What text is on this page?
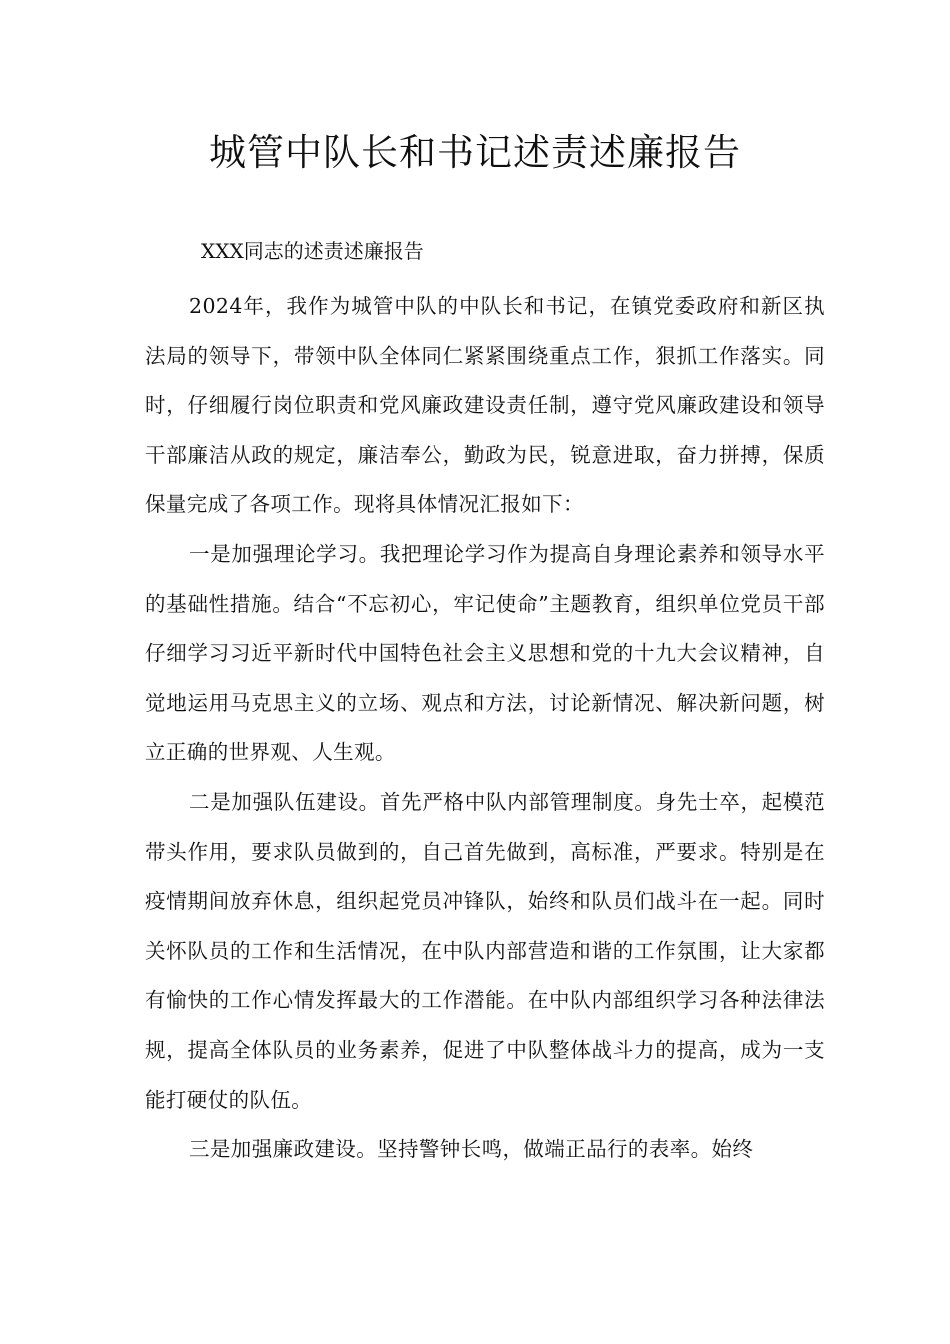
城管中队长和书记述责述廉报告

XXX同志的述责述廉报告

2024年，我作为城管中队的中队长和书记，在镇党委政府和新区执法局的领导下，带领中队全体同仁紧紧围绕重点工作，狠抓工作落实。同时，仔细履行岗位职责和党风廉政建设责任制，遵守党风廉政建设和领导干部廉洁从政的规定，廉洁奉公，勤政为民，锐意进取，奋力拼搏，保质保量完成了各项工作。现将具体情况汇报如下：

一是加强理论学习。我把理论学习作为提高自身理论素养和领导水平的基础性措施。结合“不忘初心，牢记使命”主题教育，组织单位党员干部仔细学习习近平新时代中国特色社会主义思想和党的十九大会议精神，自觉地运用马克思主义的立场、观点和方法，讨论新情况、解决新问题，树立正确的世界观、人生观。

二是加强队伍建设。首先严格中队内部管理制度。身先士卒，起模范带头作用，要求队员做到的，自己首先做到，高标准，严要求。特别是在疫情期间放弃休息，组织起党员冲锋队，始终和队员们战斗在一起。同时关怀队员的工作和生活情况，在中队内部营造和谐的工作氛围，让大家都有愉快的工作心情发挥最大的工作潜能。在中队内部组织学习各种法律法规，提高全体队员的业务素养，促进了中队整体战斗力的提高，成为一支能打硬仗的队伍。

三是加强廉政建设。坚持警钟长鸣，做端正品行的表率。始终
